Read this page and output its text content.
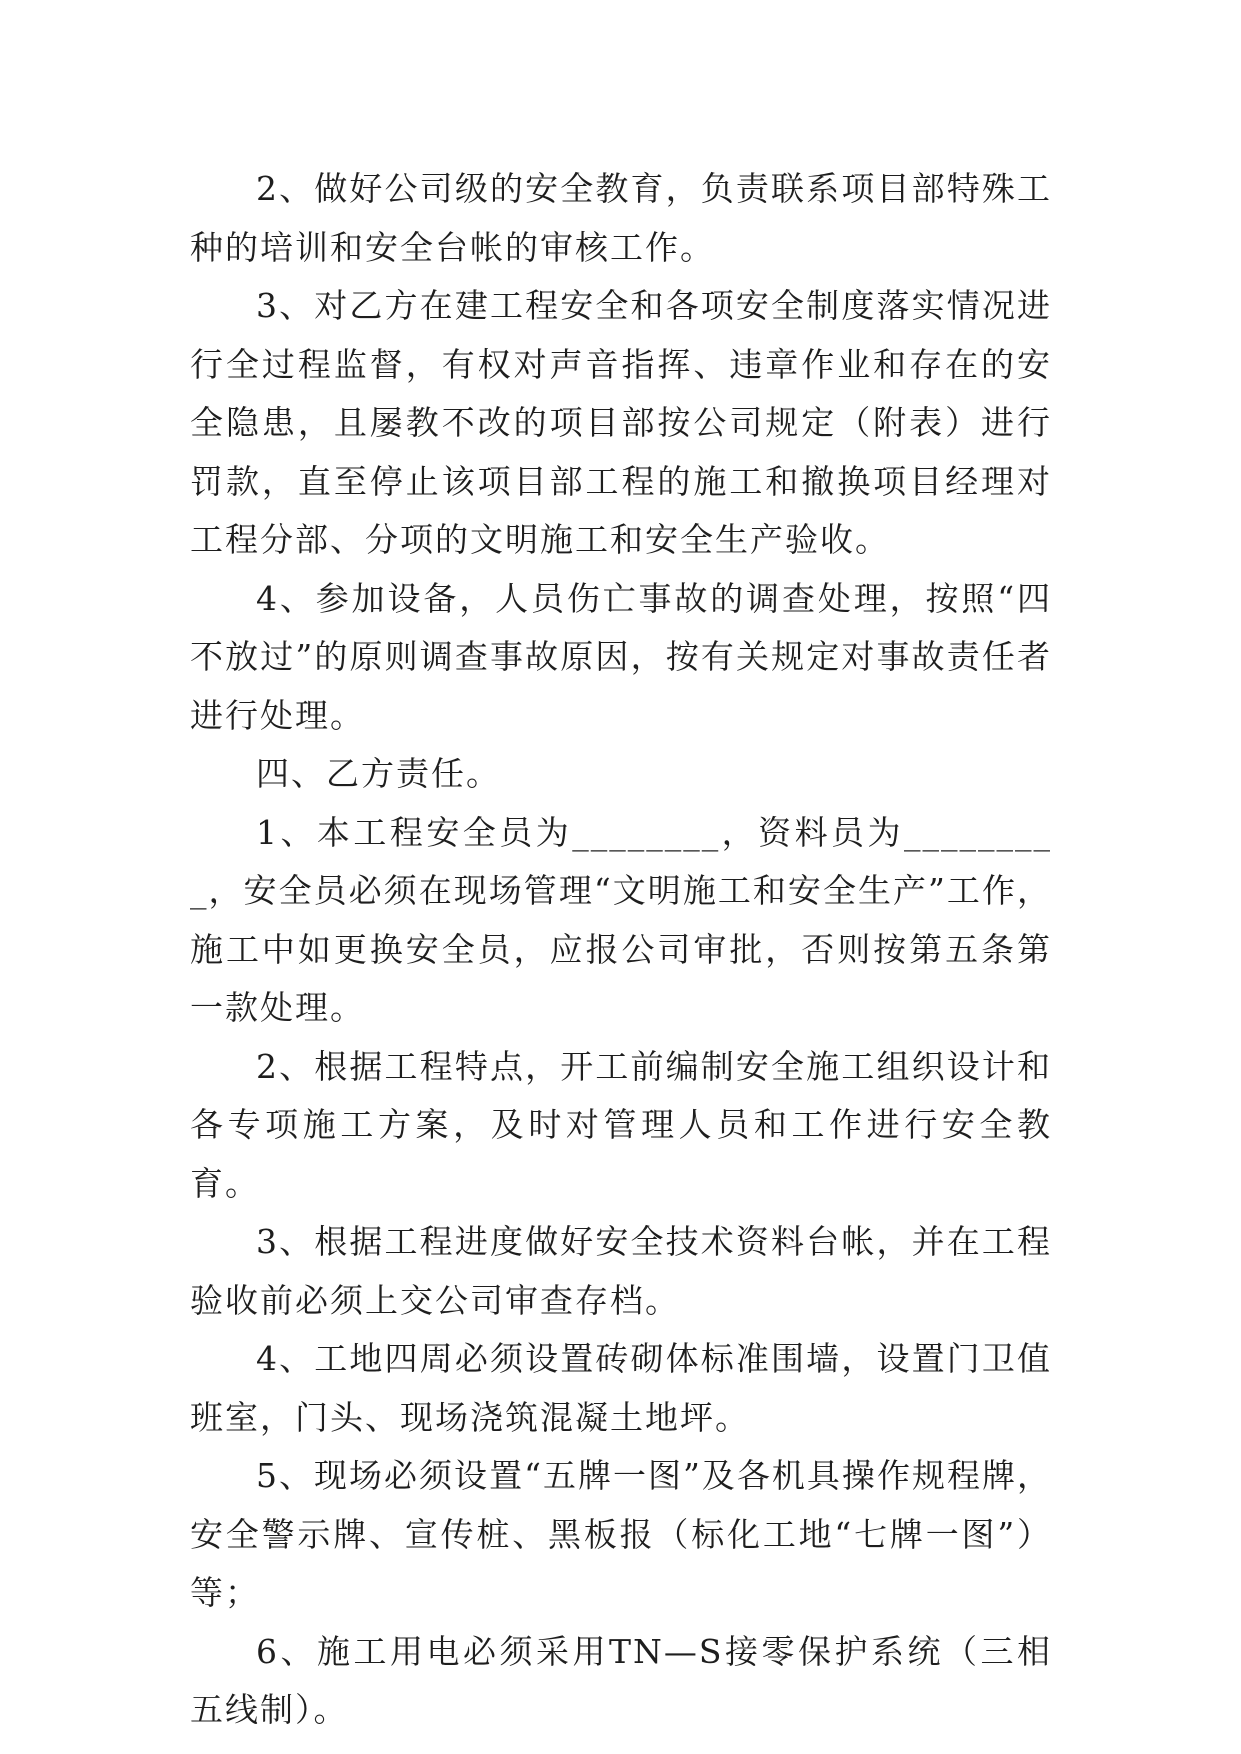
2、做好公司级的安全教育，负责联系项目部特殊工种的培训和安全台帐的审核工作。

3、对乙方在建工程安全和各项安全制度落实情况进行全过程监督，有权对声音指挥、违章作业和存在的安全隐患，且屡教不改的项目部按公司规定（附表）进行罚款，直至停止该项目部工程的施工和撤换项目经理对工程分部、分项的文明施工和安全生产验收。

4、参加设备，人员伤亡事故的调查处理，按照“四不放过”的原则调查事故原因，按有关规定对事故责任者进行处理。

四、乙方责任。

1、本工程安全员为________，资料员为_________，安全员必须在现场管理“文明施工和安全生产”工作，施工中如更换安全员，应报公司审批，否则按第五条第一款处理。

2、根据工程特点，开工前编制安全施工组织设计和各专项施工方案，及时对管理人员和工作进行安全教育。

3、根据工程进度做好安全技术资料台帐，并在工程验收前必须上交公司审查存档。

4、工地四周必须设置砖砌体标准围墙，设置门卫值班室，门头、现场浇筑混凝土地坪。

5、现场必须设置“五牌一图”及各机具操作规程牌，安全警示牌、宣传桩、黑板报（标化工地“七牌一图”）等；

6、施工用电必须采用TN—S接零保护系统（三相五线制）。
